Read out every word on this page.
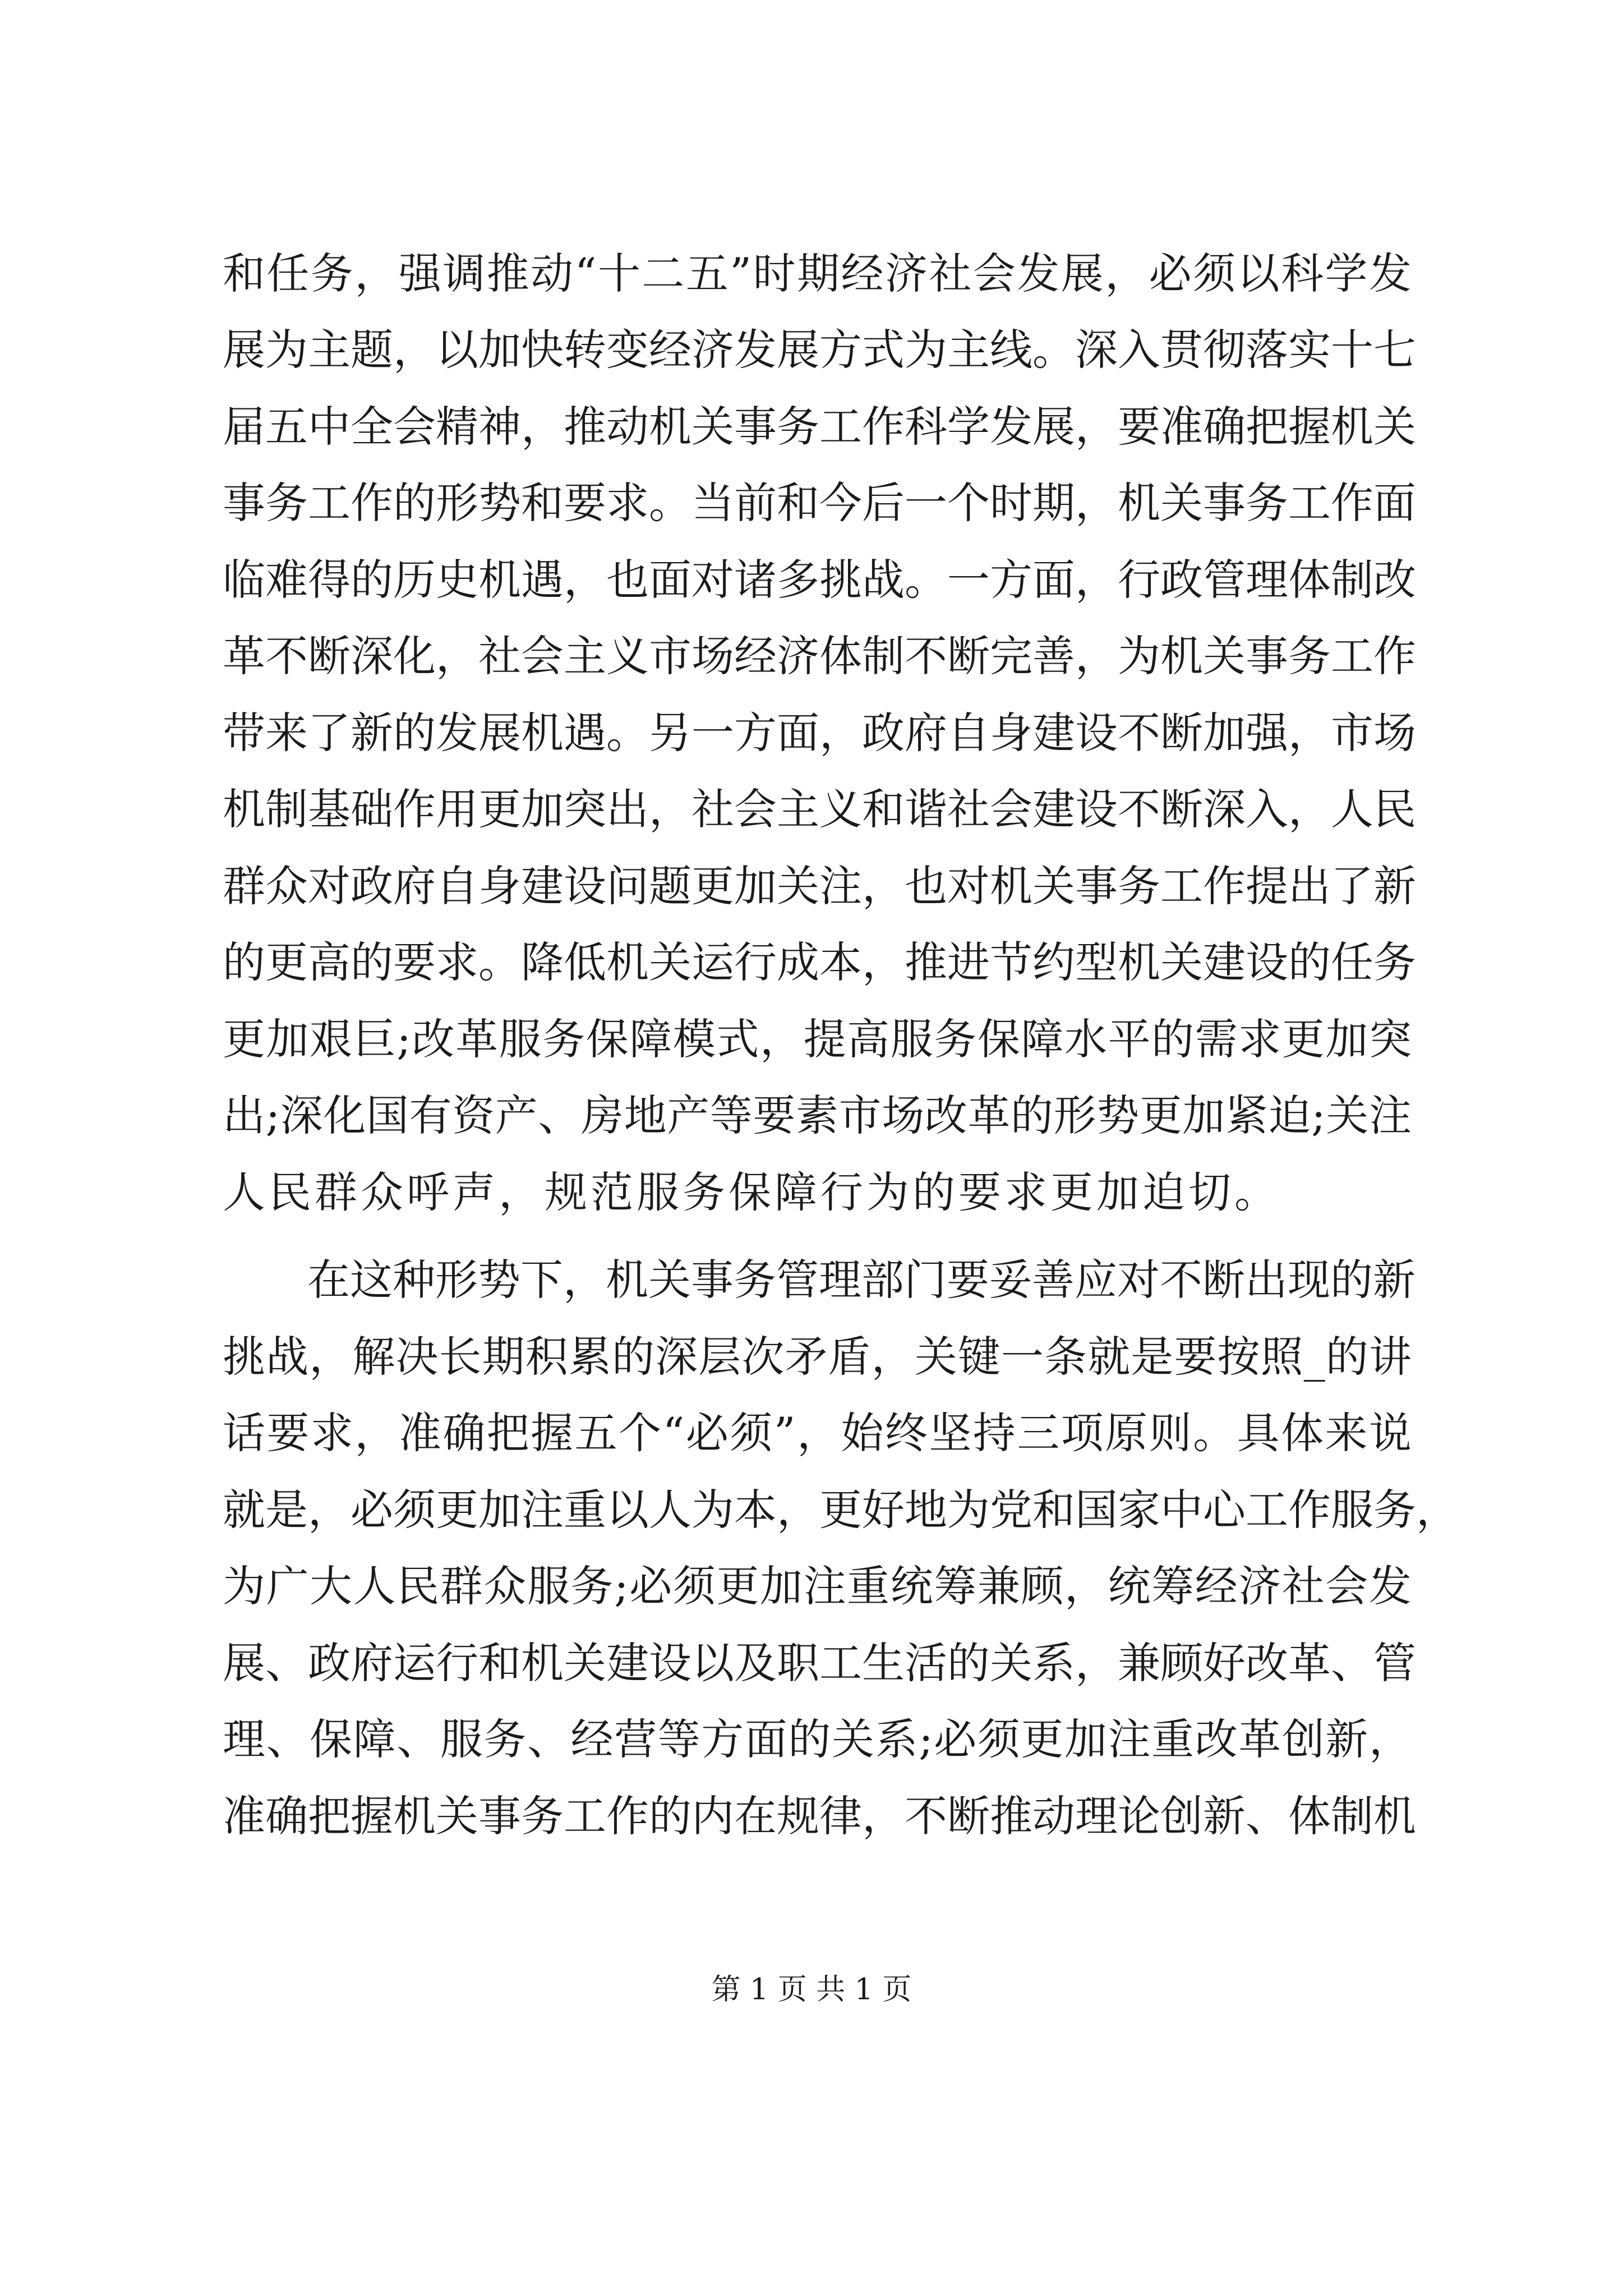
和任务，强调推动“十二五”时期经济社会发展，必须以科学发
展为主题，以加快转变经济发展方式为主线。深入贯彻落实十七
届五中全会精神，推动机关事务工作科学发展，要准确把握机关
事务工作的形势和要求。当前和今后一个时期，机关事务工作面
临难得的历史机遇，也面对诸多挑战。一方面，行政管理体制改
革不断深化，社会主义市场经济体制不断完善，为机关事务工作
带来了新的发展机遇。另一方面，政府自身建设不断加强，市场
机制基础作用更加突出，社会主义和谐社会建设不断深入，人民
群众对政府自身建设问题更加关注，也对机关事务工作提出了新
的更高的要求。降低机关运行成本，推进节约型机关建设的任务
更加艰巨;改革服务保障模式，提高服务保障水平的需求更加突
出;深化国有资产、房地产等要素市场改革的形势更加紧迫;关注
人民群众呼声，规范服务保障行为的要求更加迫切。
在这种形势下，机关事务管理部门要妥善应对不断出现的新
挑战，解决长期积累的深层次矛盾，关键一条就是要按照_的讲
话要求，准确把握五个“必须”，始终坚持三项原则。具体来说
就是，必须更加注重以人为本，更好地为党和国家中心工作服务，
为广大人民群众服务;必须更加注重统筹兼顾，统筹经济社会发
展、政府运行和机关建设以及职工生活的关系，兼顾好改革、管
理、保障、服务、经营等方面的关系;必须更加注重改革创新，
准确把握机关事务工作的内在规律，不断推动理论创新、体制机
第 1 页 共 1 页
